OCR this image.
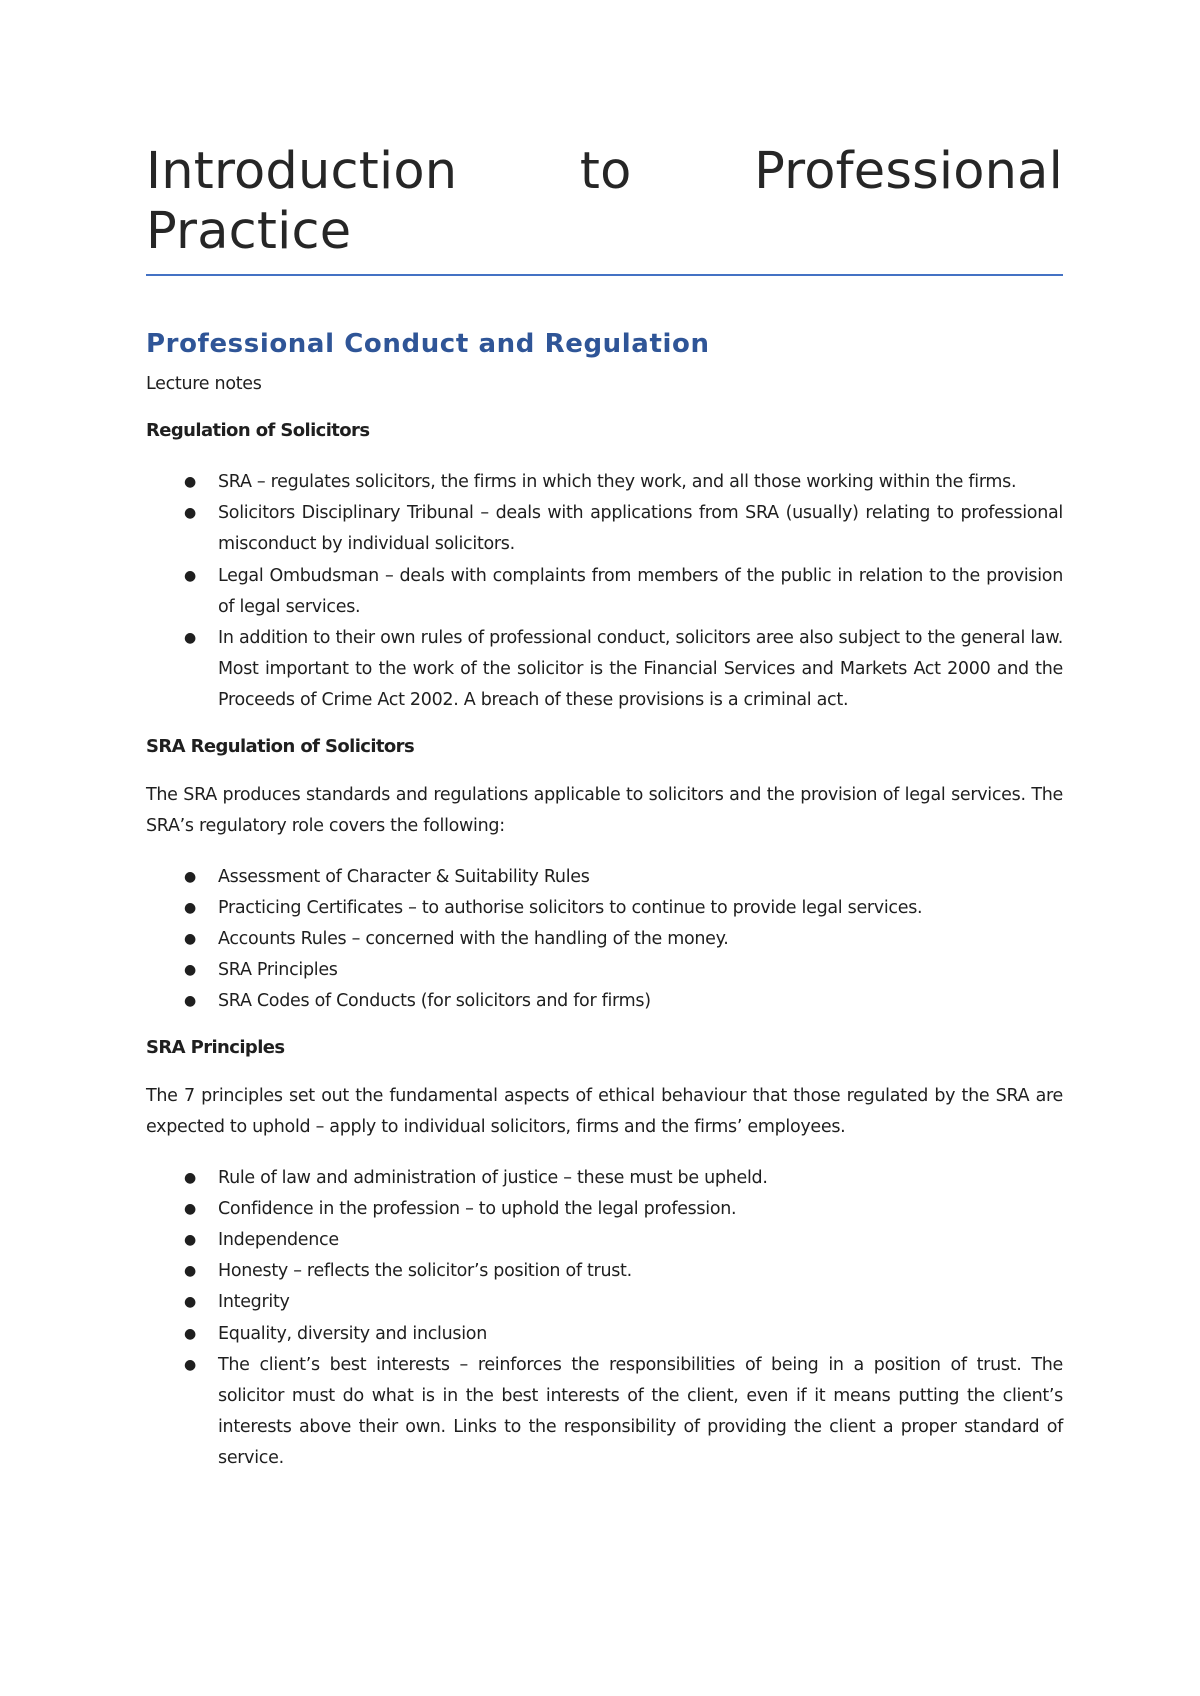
Introduction to Professional Practice
Professional Conduct and Regulation
Lecture notes
Regulation of Solicitors
● SRA – regulates solicitors, the firms in which they work, and all those working within the firms.
● Solicitors Disciplinary Tribunal – deals with applications from SRA (usually) relating to professional misconduct by individual solicitors.
● Legal Ombudsman – deals with complaints from members of the public in relation to the provision of legal services.
● In addition to their own rules of professional conduct, solicitors aree also subject to the general law. Most important to the work of the solicitor is the Financial Services and Markets Act 2000 and the Proceeds of Crime Act 2002. A breach of these provisions is a criminal act.
SRA Regulation of Solicitors

The SRA produces standards and regulations applicable to solicitors and the provision of legal services. The SRA’s regulatory role covers the following:

● Assessment of Character & Suitability Rules
● Practicing Certificates – to authorise solicitors to continue to provide legal services.
● Accounts Rules – concerned with the handling of the money.
● SRA Principles
● SRA Codes of Conducts (for solicitors and for firms)
SRA Principles

The 7 principles set out the fundamental aspects of ethical behaviour that those regulated by the SRA are expected to uphold – apply to individual solicitors, firms and the firms’ employees.

● Rule of law and administration of justice – these must be upheld.
● Confidence in the profession – to uphold the legal profession.
● Independence
● Honesty – reflects the solicitor’s position of trust.
● Integrity
● Equality, diversity and inclusion
● The client’s best interests – reinforces the responsibilities of being in a position of trust. The solicitor must do what is in the best interests of the client, even if it means putting the client’s interests above their own. Links to the responsibility of providing the client a proper standard of service.
